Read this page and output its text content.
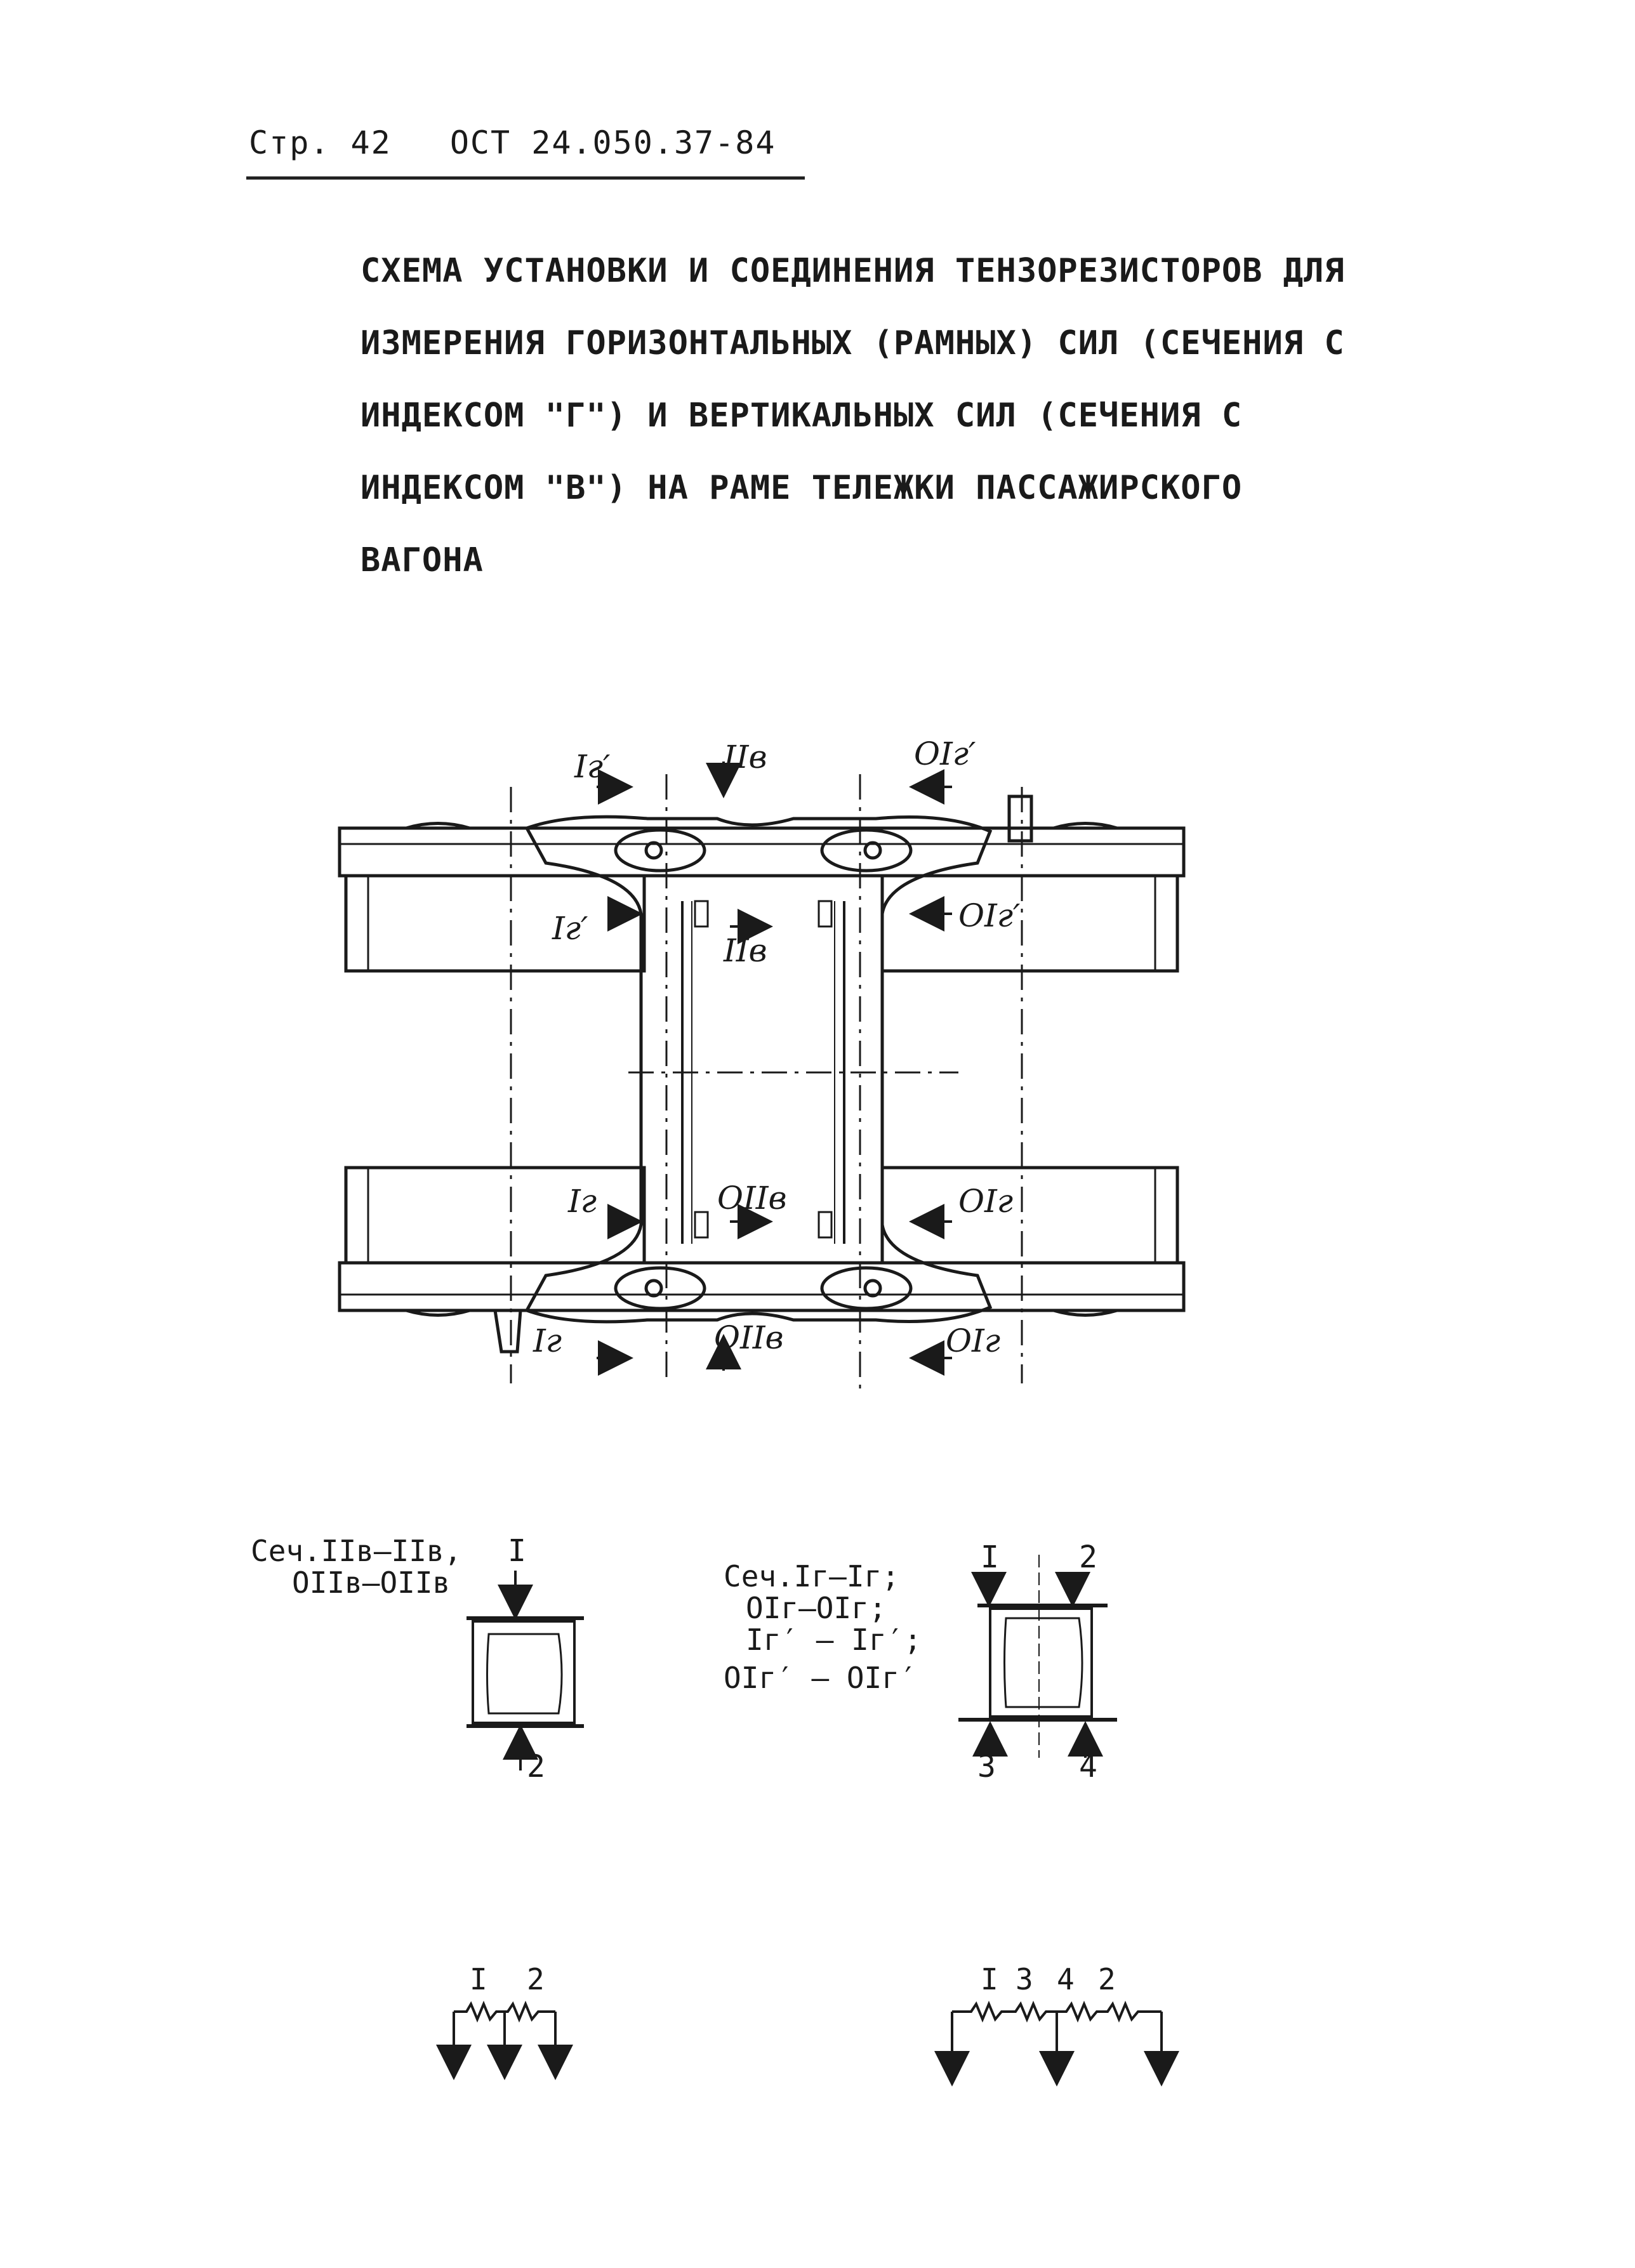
Стр. 42 ОСТ 24.050.37-84
СХЕМА УСТАНОВКИ И СОЕДИНЕНИЯ ТЕНЗОРЕЗИСТОРОВ ДЛЯ
ИЗМЕРЕНИЯ ГОРИЗОНТАЛЬНЫХ (РАМНЫХ) СИЛ (СЕЧЕНИЯ С
ИНДЕКСОМ "Г") И ВЕРТИКАЛЬНЫХ СИЛ (СЕЧЕНИЯ С
ИНДЕКСОМ "В") НА РАМЕ ТЕЛЕЖКИ ПАССАЖИРСКОГО
ВАГОНА
Iг′	IIв	OIг′
Iг′
IIв
OIг′
Iг	OIIв	OIг
Iг	OIIв	OIг
Сеч.IIв–IIв,
OIIв–OIIв
I
2
Сеч.Iг–Iг;
OIг–OIг;
Iг′ – Iг′;
OIг′ – OIг′
I	2
3	4
I 2	I 3 4 2
